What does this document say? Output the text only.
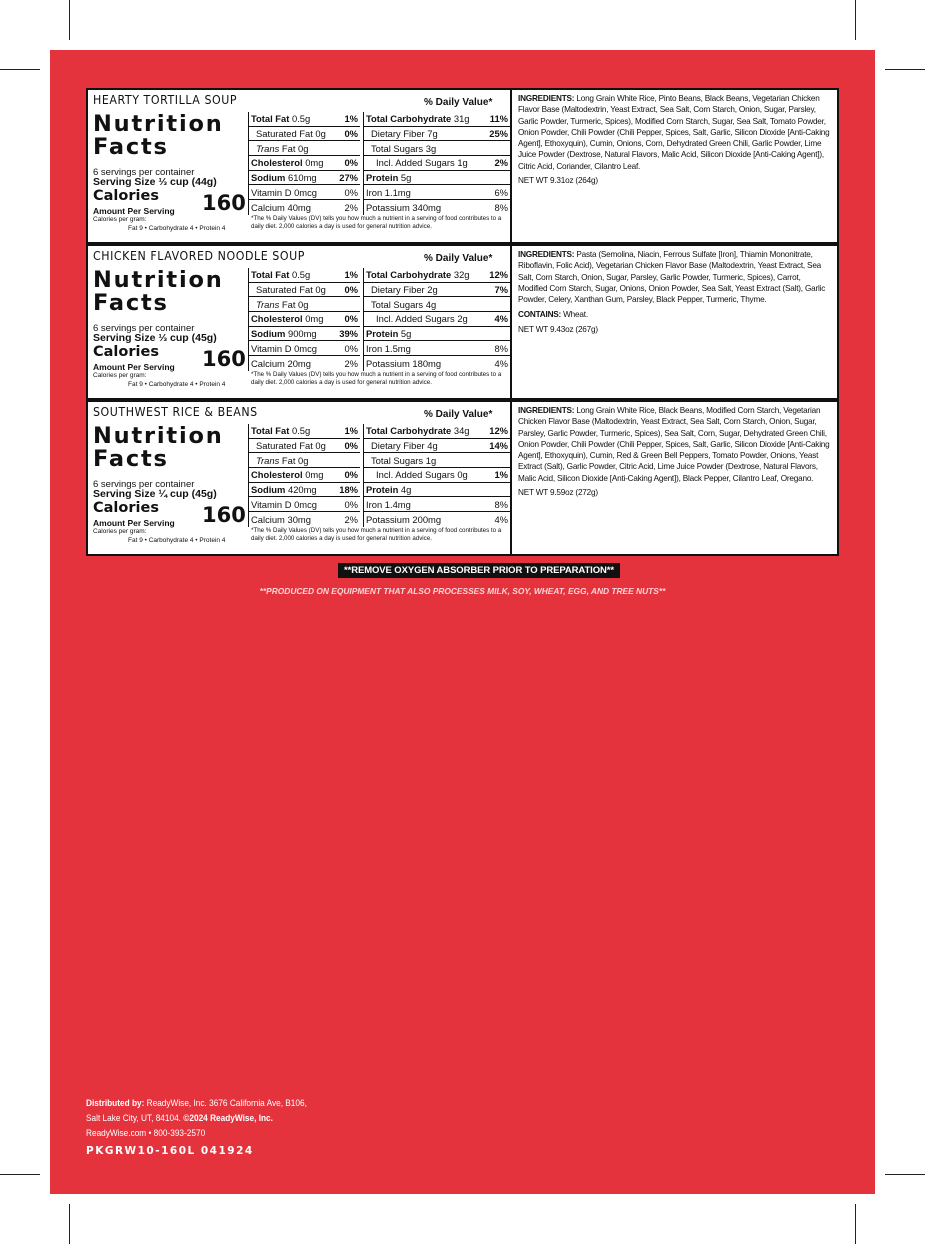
HEARTY TORTILLA SOUP	% Daily Value*
Nutrition
Facts
6 servings per container
Serving Size ⅓ cup (44g)
Calories
Amount Per Serving 160
Calories per gram:
Fat 9 • Carbohydrate 4 • Protein 4
*The % Daily Values (DV) tells you how much a nutrient in a serving of food contributes to a daily diet. 2,000 calories a day is used for general nutrition advice.
Total Fat 0.5g	1%
Saturated Fat 0g 0%
Trans Fat 0g
Cholesterol 0mg 0%
Sodium 610mg 27%
Vitamin D 0mcg	0%
Calcium 40mg	2%
Total Carbohydrate 31g 11%
Dietary Fiber 7g	25%
Total Sugars 3g
Incl. Added Sugars 1g	2%
Protein 5g
Iron 1.1mg	6%
Potassium 340mg	8%
INGREDIENTS: Long Grain White Rice, Pinto Beans, Black Beans, Vegetarian Chicken Flavor Base (Maltodextrin, Yeast Extract, Sea Salt, Corn Starch, Onion, Sugar, Parsley, Garlic Powder, Turmeric, Spices), Modified Corn Starch, Sugar, Sea Salt, Tomato Powder, Onion Powder, Chili Powder (Chili Pepper, Spices, Salt, Garlic, Silicon Dioxide [Anti-Caking Agent], Ethoxyquin), Cumin, Onions, Corn, Dehydrated Green Chili, Garlic Powder, Lime Juice Powder (Dextrose, Natural Flavors, Malic Acid, Silicon Dioxide [Anti-Caking Agent]), Citric Acid, Coriander, Cilantro Leaf.
NET WT 9.31oz (264g)
CHICKEN FLAVORED NOODLE SOUP	% Daily Value*
Nutrition
Facts
6 servings per container
Serving Size ⅓ cup (45g)
Calories
Amount Per Serving 160
Calories per gram:
Fat 9 • Carbohydrate 4 • Protein 4
*The % Daily Values (DV) tells you how much a nutrient in a serving of food contributes to a daily diet. 2,000 calories a day is used for general nutrition advice.
Total Fat 0.5g	1%
Saturated Fat 0g 0%
Trans Fat 0g
Cholesterol 0mg 0%
Sodium 900mg 39%
Vitamin D 0mcg	0%
Calcium 20mg	2%
Total Carbohydrate 32g 12%
Dietary Fiber 2g	7%
Total Sugars 4g
Incl. Added Sugars 2g	4%
Protein 5g
Iron 1.5mg	8%
Potassium 180mg	4%
INGREDIENTS: Pasta (Semolina, Niacin, Ferrous Sulfate [Iron], Thiamin Mononitrate, Riboflavin, Folic Acid), Vegetarian Chicken Flavor Base (Maltodextrin, Yeast Extract, Sea Salt, Corn Starch, Onion, Sugar, Parsley, Garlic Powder, Turmeric, Spices), Carrot, Modified Corn Starch, Sugar, Onions, Onion Powder, Sea Salt, Yeast Extract (Salt), Garlic Powder, Celery, Xanthan Gum, Parsley, Black Pepper, Turmeric, Thyme.
CONTAINS: Wheat.
NET WT 9.43oz (267g)
SOUTHWEST RICE & BEANS	% Daily Value*
Nutrition
Facts
6 servings per container
Serving Size ¼ cup (45g)
Calories
Amount Per Serving 160
Calories per gram:
Fat 9 • Carbohydrate 4 • Protein 4
*The % Daily Values (DV) tells you how much a nutrient in a serving of food contributes to a daily diet. 2,000 calories a day is used for general nutrition advice.
Total Fat 0.5g	1%
Saturated Fat 0g 0%
Trans Fat 0g
Cholesterol 0mg 0%
Sodium 420mg 18%
Vitamin D 0mcg	0%
Calcium 30mg	2%
Total Carbohydrate 34g 12%
Dietary Fiber 4g	14%
Total Sugars 1g
Incl. Added Sugars 0g	1%
Protein 4g
Iron 1.4mg	8%
Potassium 200mg	4%
INGREDIENTS: Long Grain White Rice, Black Beans, Modified Corn Starch, Vegetarian Chicken Flavor Base (Maltodextrin, Yeast Extract, Sea Salt, Corn Starch, Onion, Sugar, Parsley, Garlic Powder, Turmeric, Spices), Sea Salt, Corn, Sugar, Dehydrated Green Chili, Onion Powder, Chili Powder (Chili Pepper, Spices, Salt, Garlic, Silicon Dioxide [Anti-Caking Agent], Ethoxyquin), Cumin, Red & Green Bell Peppers, Tomato Powder, Onions, Yeast Extract (Salt), Garlic Powder, Citric Acid, Lime Juice Powder (Dextrose, Natural Flavors, Malic Acid, Silicon Dioxide [Anti-Caking Agent]), Black Pepper, Cilantro Leaf, Oregano.
NET WT 9.59oz (272g)
**REMOVE OXYGEN ABSORBER PRIOR TO PREPARATION**
**PRODUCED ON EQUIPMENT THAT ALSO PROCESSES MILK, SOY, WHEAT, EGG, AND TREE NUTS**
Distributed by: ReadyWise, Inc. 3676 California Ave, B106,
Salt Lake City, UT, 84104. ©2024 ReadyWise, Inc.
ReadyWise.com • 800-393-2570
PKGRW10-160L 041924
